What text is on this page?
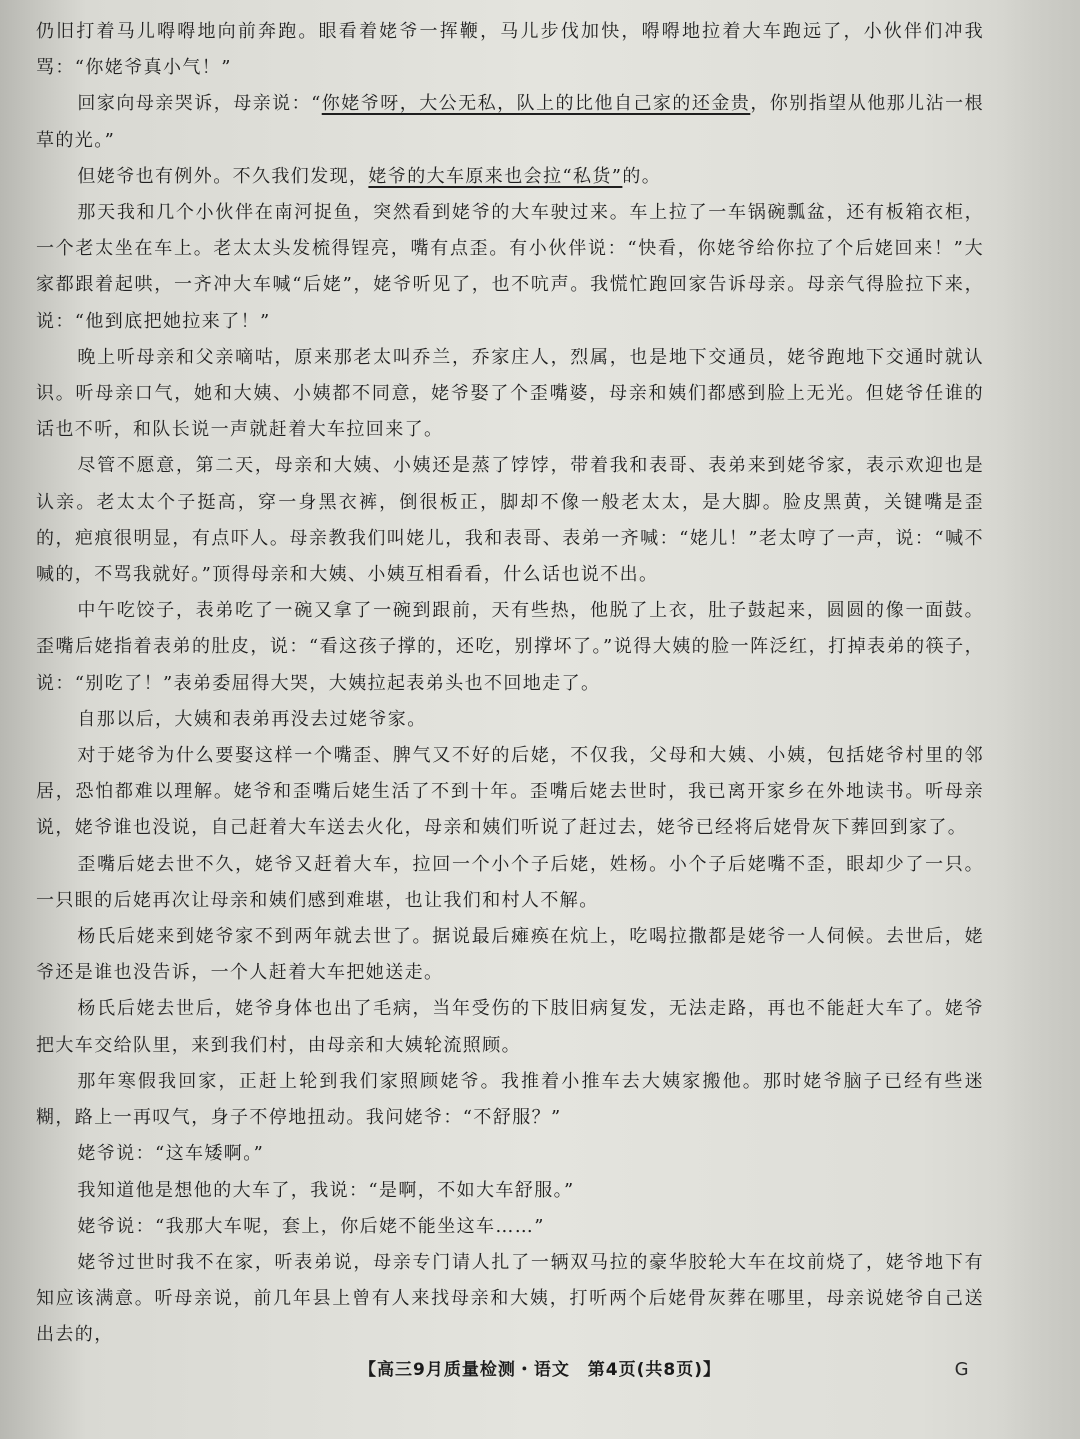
仍旧打着马儿嘚嘚地向前奔跑。眼看着姥爷一挥鞭，马儿步伐加快，嘚嘚地拉着大车跑远了，小伙伴们冲我骂：“你姥爷真小气！”

回家向母亲哭诉，母亲说：“你姥爷呀，大公无私，队上的比他自己家的还金贵，你别指望从他那儿沾一根草的光。”

但姥爷也有例外。不久我们发现，姥爷的大车原来也会拉“私货”的。

那天我和几个小伙伴在南河捉鱼，突然看到姥爷的大车驶过来。车上拉了一车锅碗瓢盆，还有板箱衣柜，一个老太坐在车上。老太太头发梳得锃亮，嘴有点歪。有小伙伴说：“快看，你姥爷给你拉了个后姥回来！”大家都跟着起哄，一齐冲大车喊“后姥”，姥爷听见了，也不吭声。我慌忙跑回家告诉母亲。母亲气得脸拉下来，说：“他到底把她拉来了！”

晚上听母亲和父亲嘀咕，原来那老太叫乔兰，乔家庄人，烈属，也是地下交通员，姥爷跑地下交通时就认识。听母亲口气，她和大姨、小姨都不同意，姥爷娶了个歪嘴婆，母亲和姨们都感到脸上无光。但姥爷任谁的话也不听，和队长说一声就赶着大车拉回来了。

尽管不愿意，第二天，母亲和大姨、小姨还是蒸了饽饽，带着我和表哥、表弟来到姥爷家，表示欢迎也是认亲。老太太个子挺高，穿一身黑衣裤，倒很板正，脚却不像一般老太太，是大脚。脸皮黑黄，关键嘴是歪的，疤痕很明显，有点吓人。母亲教我们叫姥儿，我和表哥、表弟一齐喊：“姥儿！”老太哼了一声，说：“喊不喊的，不骂我就好。”顶得母亲和大姨、小姨互相看看，什么话也说不出。

中午吃饺子，表弟吃了一碗又拿了一碗到跟前，天有些热，他脱了上衣，肚子鼓起来，圆圆的像一面鼓。歪嘴后姥指着表弟的肚皮，说：“看这孩子撑的，还吃，别撑坏了。”说得大姨的脸一阵泛红，打掉表弟的筷子，说：“别吃了！”表弟委屈得大哭，大姨拉起表弟头也不回地走了。

自那以后，大姨和表弟再没去过姥爷家。

对于姥爷为什么要娶这样一个嘴歪、脾气又不好的后姥，不仅我，父母和大姨、小姨，包括姥爷村里的邻居，恐怕都难以理解。姥爷和歪嘴后姥生活了不到十年。歪嘴后姥去世时，我已离开家乡在外地读书。听母亲说，姥爷谁也没说，自己赶着大车送去火化，母亲和姨们听说了赶过去，姥爷已经将后姥骨灰下葬回到家了。

歪嘴后姥去世不久，姥爷又赶着大车，拉回一个小个子后姥，姓杨。小个子后姥嘴不歪，眼却少了一只。一只眼的后姥再次让母亲和姨们感到难堪，也让我们和村人不解。

杨氏后姥来到姥爷家不到两年就去世了。据说最后瘫痪在炕上，吃喝拉撒都是姥爷一人伺候。去世后，姥爷还是谁也没告诉，一个人赶着大车把她送走。

杨氏后姥去世后，姥爷身体也出了毛病，当年受伤的下肢旧病复发，无法走路，再也不能赶大车了。姥爷把大车交给队里，来到我们村，由母亲和大姨轮流照顾。

那年寒假我回家，正赶上轮到我们家照顾姥爷。我推着小推车去大姨家搬他。那时姥爷脑子已经有些迷糊，路上一再叹气，身子不停地扭动。我问姥爷：“不舒服？”

姥爷说：“这车矮啊。”

我知道他是想他的大车了，我说：“是啊，不如大车舒服。”

姥爷说：“我那大车呢，套上，你后姥不能坐这车……”

姥爷过世时我不在家，听表弟说，母亲专门请人扎了一辆双马拉的豪华胶轮大车在坟前烧了，姥爷地下有知应该满意。听母亲说，前几年县上曾有人来找母亲和大姨，打听两个后姥骨灰葬在哪里，母亲说姥爷自己送出去的，

【高三9月质量检测・语文　第4页(共8页)】	G
